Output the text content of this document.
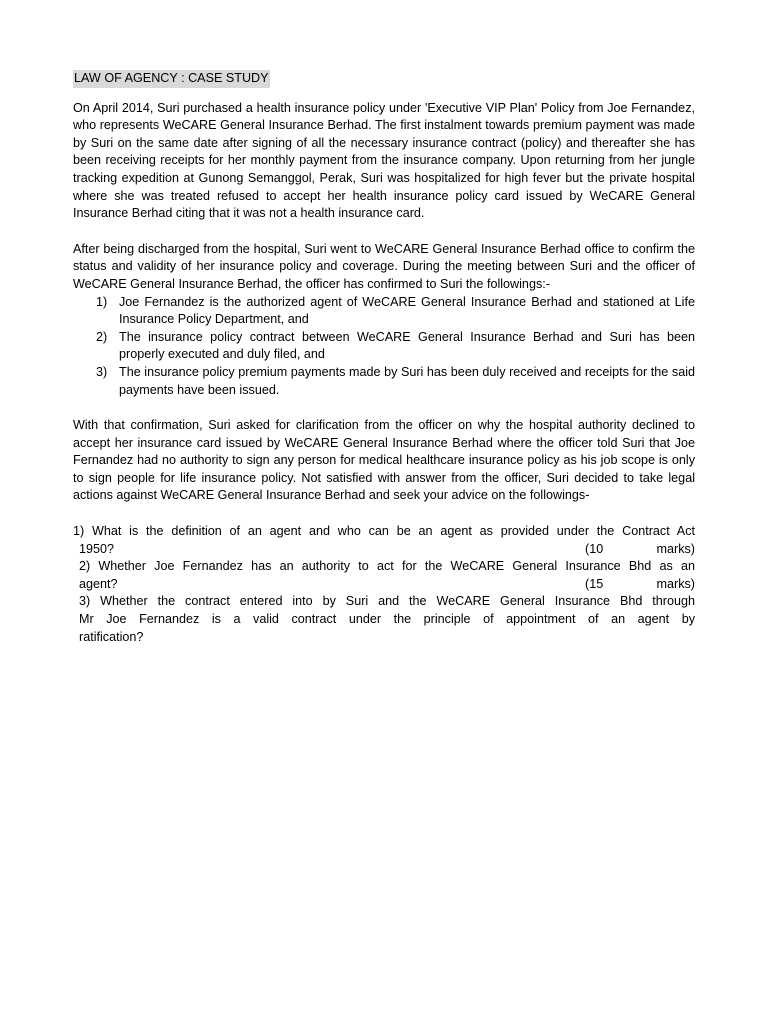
LAW OF AGENCY : CASE STUDY

On April 2014, Suri purchased a health insurance policy under 'Executive VIP Plan' Policy from Joe Fernandez, who represents WeCARE General Insurance Berhad. The first instalment towards premium payment was made by Suri on the same date after signing of all the necessary insurance contract (policy) and thereafter she has been receiving receipts for her monthly payment from the insurance company. Upon returning from her jungle tracking expedition at Gunong Semanggol, Perak, Suri was hospitalized for high fever but the private hospital where she was treated refused to accept her health insurance policy card issued by WeCARE General Insurance Berhad citing that it was not a health insurance card.

After being discharged from the hospital, Suri went to WeCARE General Insurance Berhad office to confirm the status and validity of her insurance policy and coverage. During the meeting between Suri and the officer of WeCARE General Insurance Berhad, the officer has confirmed to Suri the followings:-

1) Joe Fernandez is the authorized agent of WeCARE General Insurance Berhad and stationed at Life Insurance Policy Department, and
2) The insurance policy contract between WeCARE General Insurance Berhad and Suri has been properly executed and duly filed, and
3) The insurance policy premium payments made by Suri has been duly received and receipts for the said payments have been issued.

With that confirmation, Suri asked for clarification from the officer on why the hospital authority declined to accept her insurance card issued by WeCARE General Insurance Berhad where the officer told Suri that Joe Fernandez had no authority to sign any person for medical healthcare insurance policy as his job scope is only to sign people for life insurance policy. Not satisfied with answer from the officer, Suri decided to take legal actions against WeCARE General Insurance Berhad and seek your advice on the followings-

1) What is the definition of an agent and who can be an agent as provided under the Contract Act
1950?	(10	marks)
2) Whether Joe Fernandez has an authority to act for the WeCARE General Insurance Bhd as an
agent?	(15	marks)
3) Whether the contract entered into by Suri and the WeCARE General Insurance Bhd through
Mr Joe Fernandez is a valid contract under the principle of appointment of an agent by
ratification?
